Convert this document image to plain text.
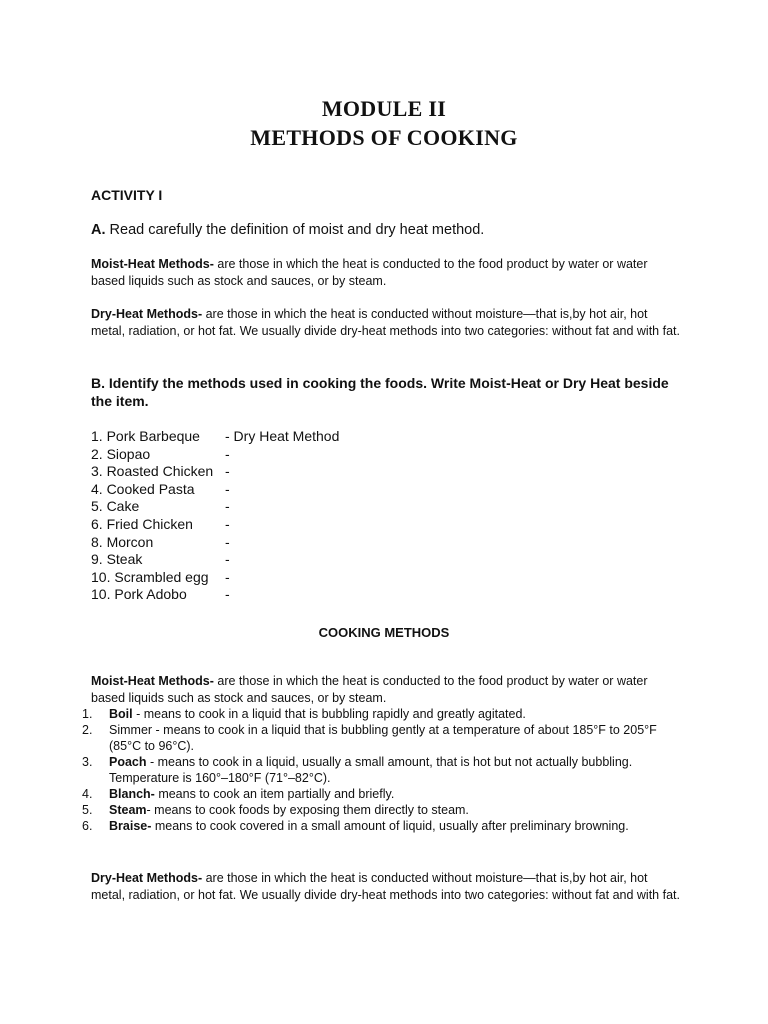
MODULE II
METHODS OF COOKING
ACTIVITY I
A. Read carefully the definition of moist and dry heat method.
Moist-Heat Methods- are those in which the heat is conducted to the food product by water or water based liquids such as stock and sauces, or by steam.
Dry-Heat Methods- are those in which the heat is conducted without moisture—that is,by hot air, hot metal, radiation, or hot fat. We usually divide dry-heat methods into two categories: without fat and with fat.
B. Identify the methods used in cooking the foods. Write Moist-Heat or Dry Heat beside the item.
1. Pork Barbeque - Dry Heat Method
2. Siopao	-
3. Roasted Chicken -
4. Cooked Pasta -
5. Cake	-
6. Fried Chicken -
8. Morcon	-
9. Steak	-
10. Scrambled egg -
10. Pork Adobo	-
COOKING METHODS
Moist-Heat Methods- are those in which the heat is conducted to the food product by water or water based liquids such as stock and sauces, or by steam.
1. Boil - means to cook in a liquid that is bubbling rapidly and greatly agitated.
2. Simmer - means to cook in a liquid that is bubbling gently at a temperature of about 185°F to 205°F (85°C to 96°C).
3. Poach - means to cook in a liquid, usually a small amount, that is hot but not actually bubbling. Temperature is 160°–180°F (71°–82°C).
4. Blanch- means to cook an item partially and briefly.
5. Steam- means to cook foods by exposing them directly to steam.
6. Braise- means to cook covered in a small amount of liquid, usually after preliminary browning.
Dry-Heat Methods- are those in which the heat is conducted without moisture—that is,by hot air, hot metal, radiation, or hot fat. We usually divide dry-heat methods into two categories: without fat and with fat.
